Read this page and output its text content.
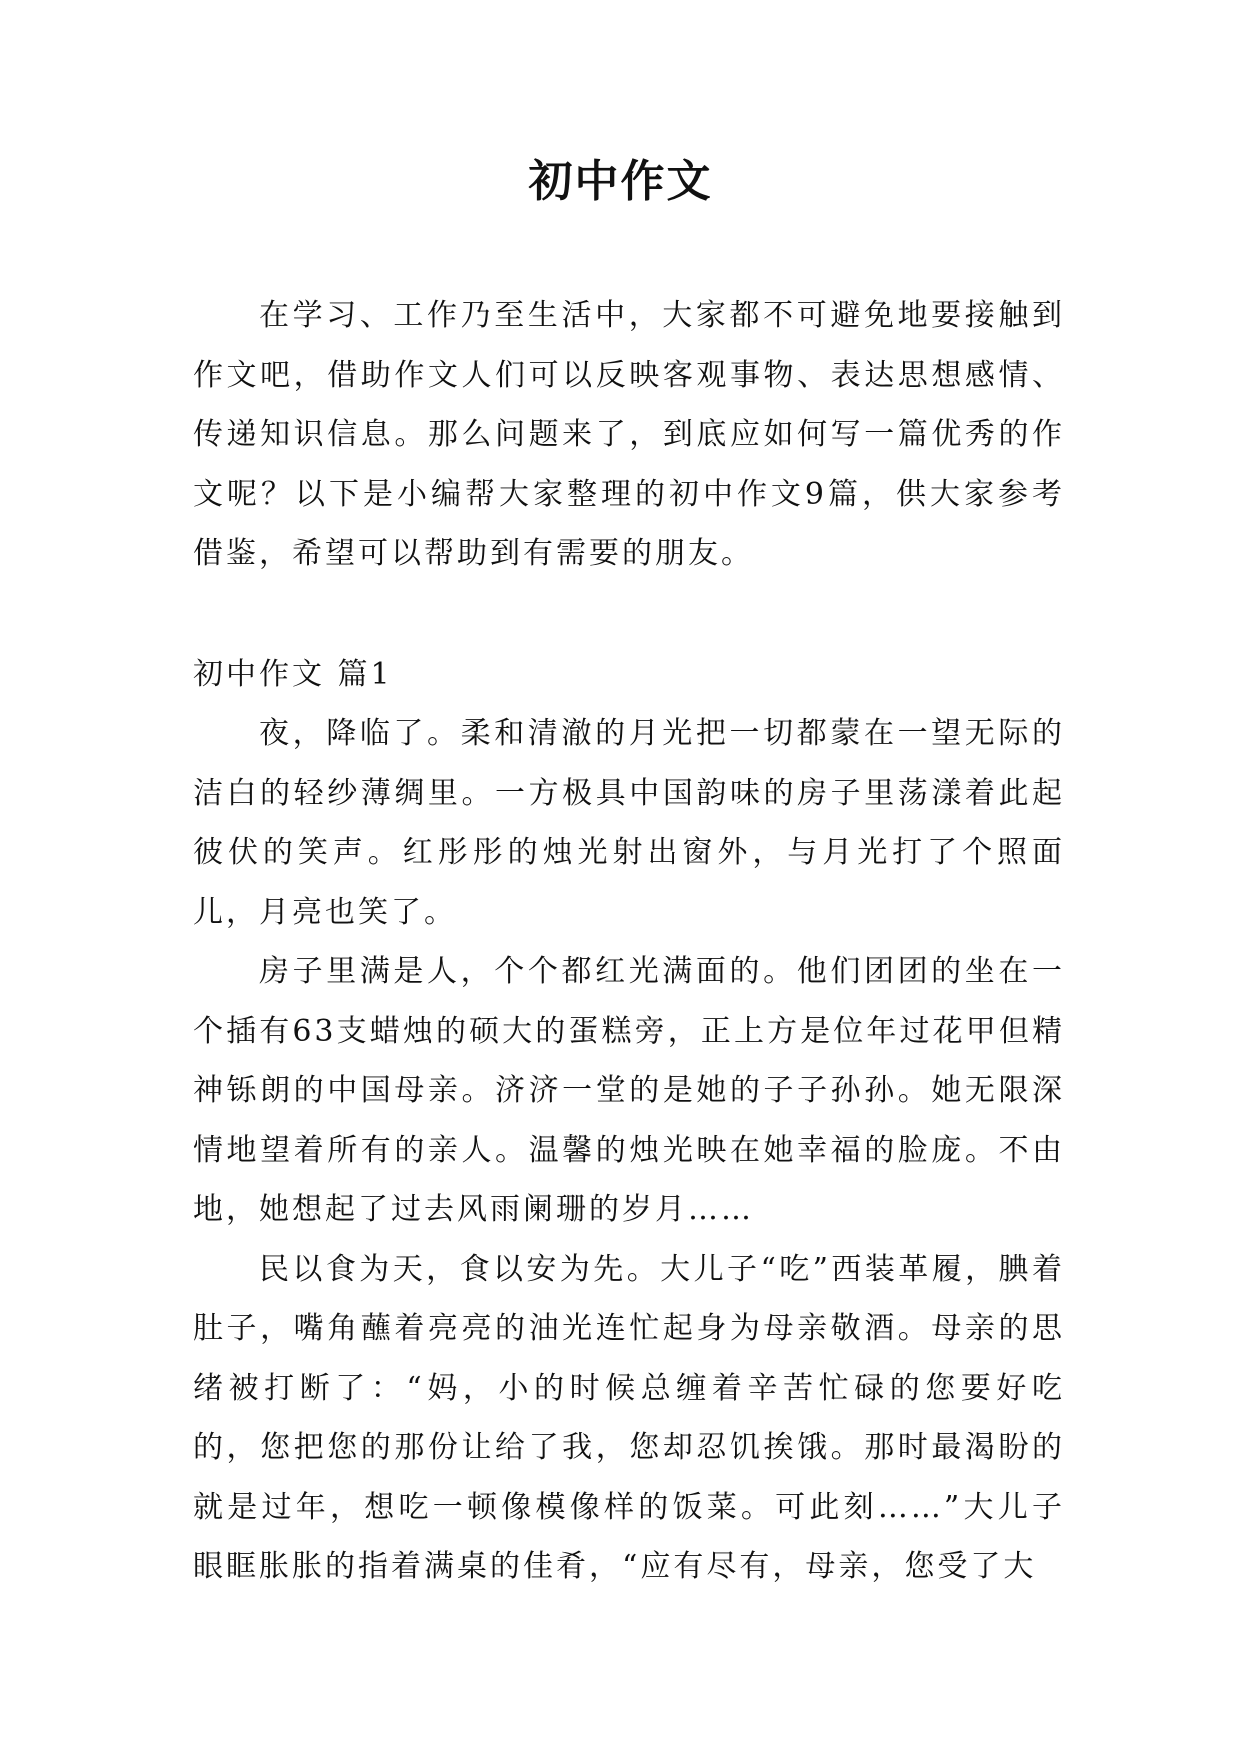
初中作文

在学习、工作乃至生活中，大家都不可避免地要接触到作文吧，借助作文人们可以反映客观事物、表达思想感情、传递知识信息。那么问题来了，到底应如何写一篇优秀的作文呢？以下是小编帮大家整理的初中作文9篇，供大家参考借鉴，希望可以帮助到有需要的朋友。

初中作文 篇1

夜，降临了。柔和清澈的月光把一切都蒙在一望无际的洁白的轻纱薄绸里。一方极具中国韵味的房子里荡漾着此起彼伏的笑声。红彤彤的烛光射出窗外，与月光打了个照面儿，月亮也笑了。

房子里满是人，个个都红光满面的。他们团团的坐在一个插有63支蜡烛的硕大的蛋糕旁，正上方是位年过花甲但精神铄朗的中国母亲。济济一堂的是她的子子孙孙。她无限深情地望着所有的亲人。温馨的烛光映在她幸福的脸庞。不由地，她想起了过去风雨阑珊的岁月……

民以食为天，食以安为先。大儿子“吃”西装革履，腆着肚子，嘴角蘸着亮亮的油光连忙起身为母亲敬酒。母亲的思绪被打断了：“妈，小的时候总缠着辛苦忙碌的您要好吃的，您把您的那份让给了我，您却忍饥挨饿。那时最渴盼的就是过年，想吃一顿像模像样的饭菜。可此刻……”大儿子眼眶胀胀的指着满桌的佳肴，“应有尽有，母亲，您受了大
